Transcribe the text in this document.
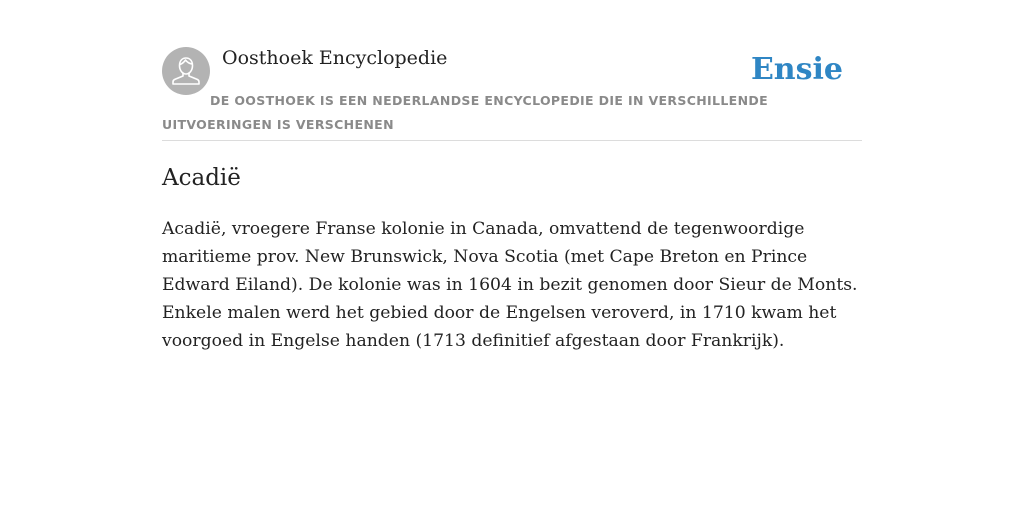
Oosthoek Encyclopedie	Ensie

DE OOSTHOEK IS EEN NEDERLANDSE ENCYCLOPEDIE DIE IN VERSCHILLENDE UITVOERINGEN IS VERSCHENEN

Acadië

Acadië, vroegere Franse kolonie in Canada, omvattend de tegenwoordige maritieme prov. New Brunswick, Nova Scotia (met Cape Breton en Prince Edward Eiland). De kolonie was in 1604 in bezit genomen door Sieur de Monts. Enkele malen werd het gebied door de Engelsen veroverd, in 1710 kwam het voorgoed in Engelse handen (1713 definitief afgestaan door Frankrijk).
